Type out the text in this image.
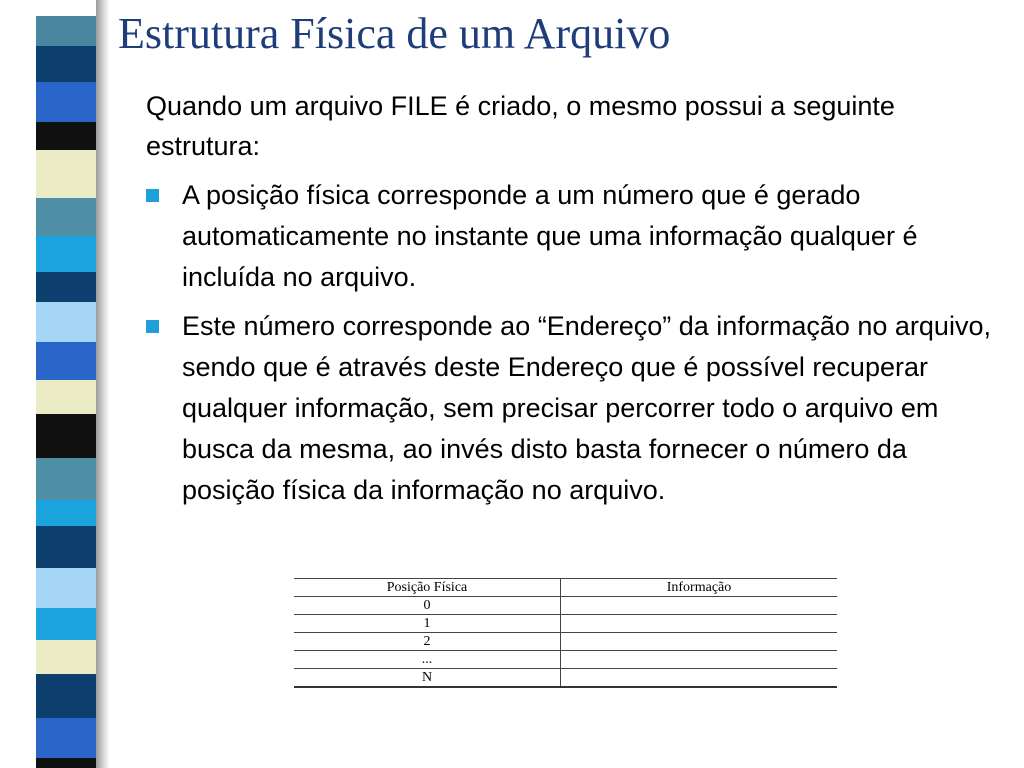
Estrutura Física de um Arquivo

Quando um arquivo FILE é criado, o mesmo possui a seguinte estrutura:

A posição física corresponde a um número que é gerado automaticamente no instante que uma informação qualquer é incluída no arquivo.
Este número corresponde ao “Endereço” da informação no arquivo, sendo que é através deste Endereço que é possível recuperar qualquer informação, sem precisar percorrer todo o arquivo em busca da mesma, ao invés disto basta fornecer o número da posição física da informação no arquivo.
Posição Física	Informação
0	
1	
2	
...	
N	
